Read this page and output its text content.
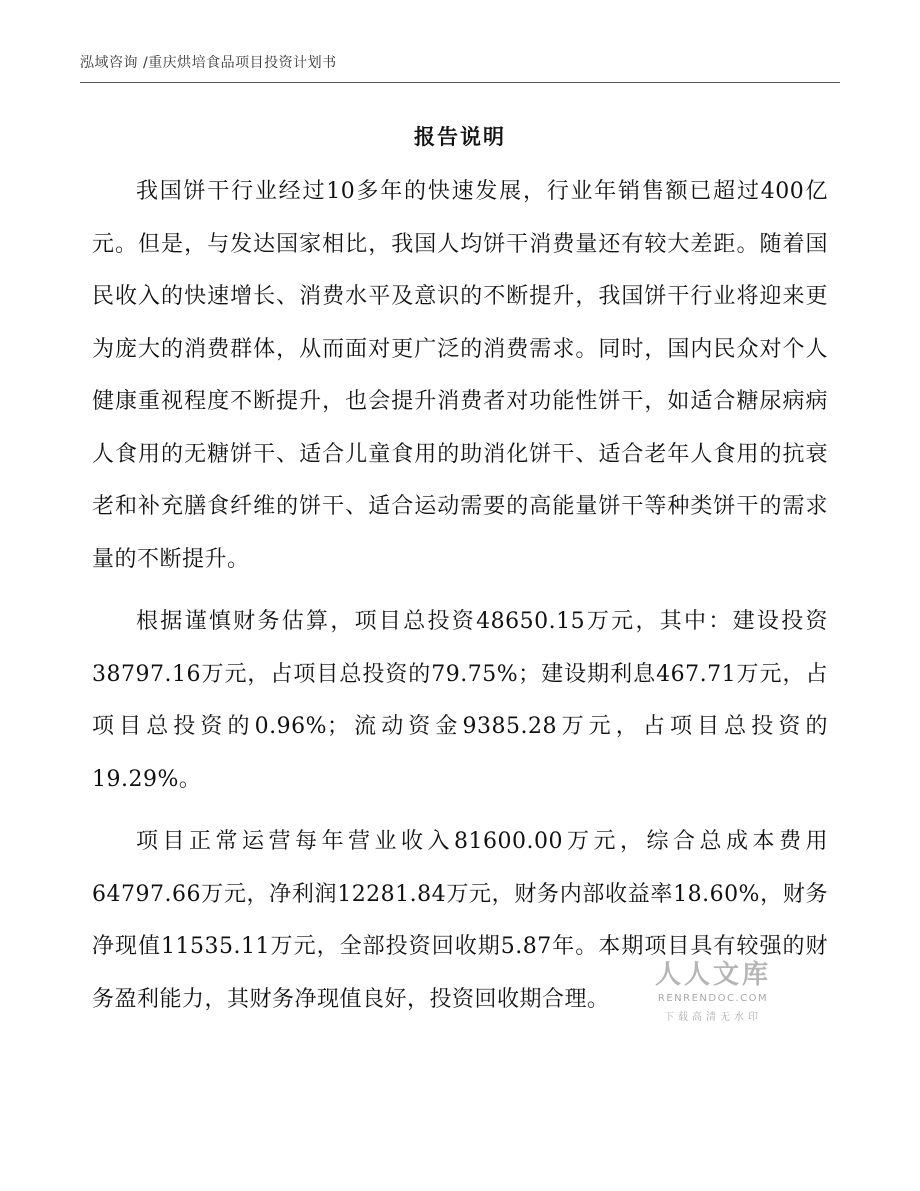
泓域咨询 /重庆烘培食品项目投资计划书
报告说明

我国饼干行业经过10多年的快速发展，行业年销售额已超过400亿元。但是，与发达国家相比，我国人均饼干消费量还有较大差距。随着国民收入的快速增长、消费水平及意识的不断提升，我国饼干行业将迎来更为庞大的消费群体，从而面对更广泛的消费需求。同时，国内民众对个人健康重视程度不断提升，也会提升消费者对功能性饼干，如适合糖尿病病人食用的无糖饼干、适合儿童食用的助消化饼干、适合老年人食用的抗衰老和补充膳食纤维的饼干、适合运动需要的高能量饼干等种类饼干的需求量的不断提升。

根据谨慎财务估算，项目总投资48650.15万元，其中：建设投资38797.16万元，占项目总投资的79.75%；建设期利息467.71万元，占项目总投资的0.96%；流动资金9385.28万元，占项目总投资的19.29%。

项目正常运营每年营业收入81600.00万元，综合总成本费用64797.66万元，净利润12281.84万元，财务内部收益率18.60%，财务净现值11535.11万元，全部投资回收期5.87年。本期项目具有较强的财务盈利能力，其财务净现值良好，投资回收期合理。

人人文库
RENRENDOC.COM
下载高清无水印
